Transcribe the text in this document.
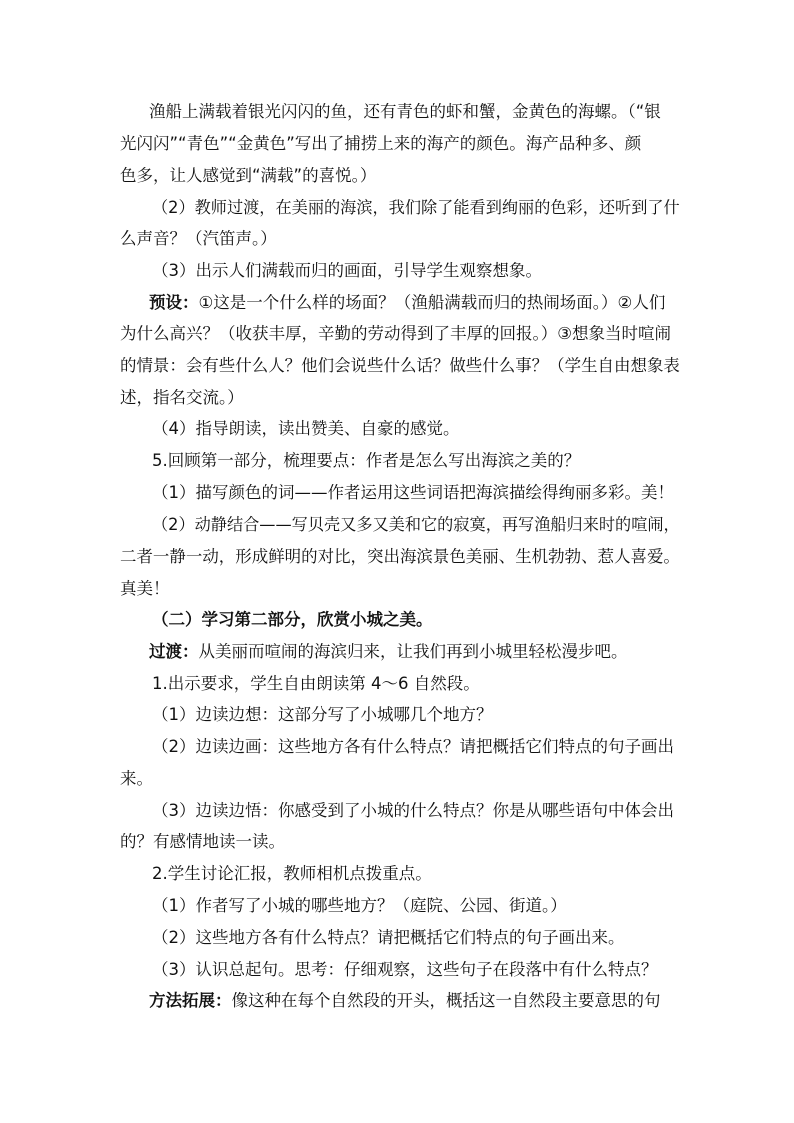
渔船上满载着银光闪闪的鱼，还有青色的虾和蟹，金黄色的海螺。（“银
光闪闪”“青色”“金黄色”写出了捕捞上来的海产的颜色。海产品种多、颜
色多，让人感觉到“满载”的喜悦。）
（2）教师过渡，在美丽的海滨，我们除了能看到绚丽的色彩，还听到了什
么声音？（汽笛声。）
（3）出示人们满载而归的画面，引导学生观察想象。
预设：①这是一个什么样的场面？（渔船满载而归的热闹场面。）②人们
为什么高兴？（收获丰厚，辛勤的劳动得到了丰厚的回报。）③想象当时喧闹
的情景：会有些什么人？他们会说些什么话？做些什么事？（学生自由想象表
述，指名交流。）
（4）指导朗读，读出赞美、自豪的感觉。
5.回顾第一部分，梳理要点：作者是怎么写出海滨之美的？
（1）描写颜色的词——作者运用这些词语把海滨描绘得绚丽多彩。美！
（2）动静结合——写贝壳又多又美和它的寂寞，再写渔船归来时的喧闹，
二者一静一动，形成鲜明的对比，突出海滨景色美丽、生机勃勃、惹人喜爱。
真美！
（二）学习第二部分，欣赏小城之美。
过渡：从美丽而喧闹的海滨归来，让我们再到小城里轻松漫步吧。
1.出示要求，学生自由朗读第 4～6 自然段。
（1）边读边想：这部分写了小城哪几个地方？
（2）边读边画：这些地方各有什么特点？请把概括它们特点的句子画出
来。
（3）边读边悟：你感受到了小城的什么特点？你是从哪些语句中体会出
的？有感情地读一读。
2.学生讨论汇报，教师相机点拨重点。
（1）作者写了小城的哪些地方？（庭院、公园、街道。）
（2）这些地方各有什么特点？请把概括它们特点的句子画出来。
（3）认识总起句。思考：仔细观察，这些句子在段落中有什么特点？
方法拓展：像这种在每个自然段的开头，概括这一自然段主要意思的句
